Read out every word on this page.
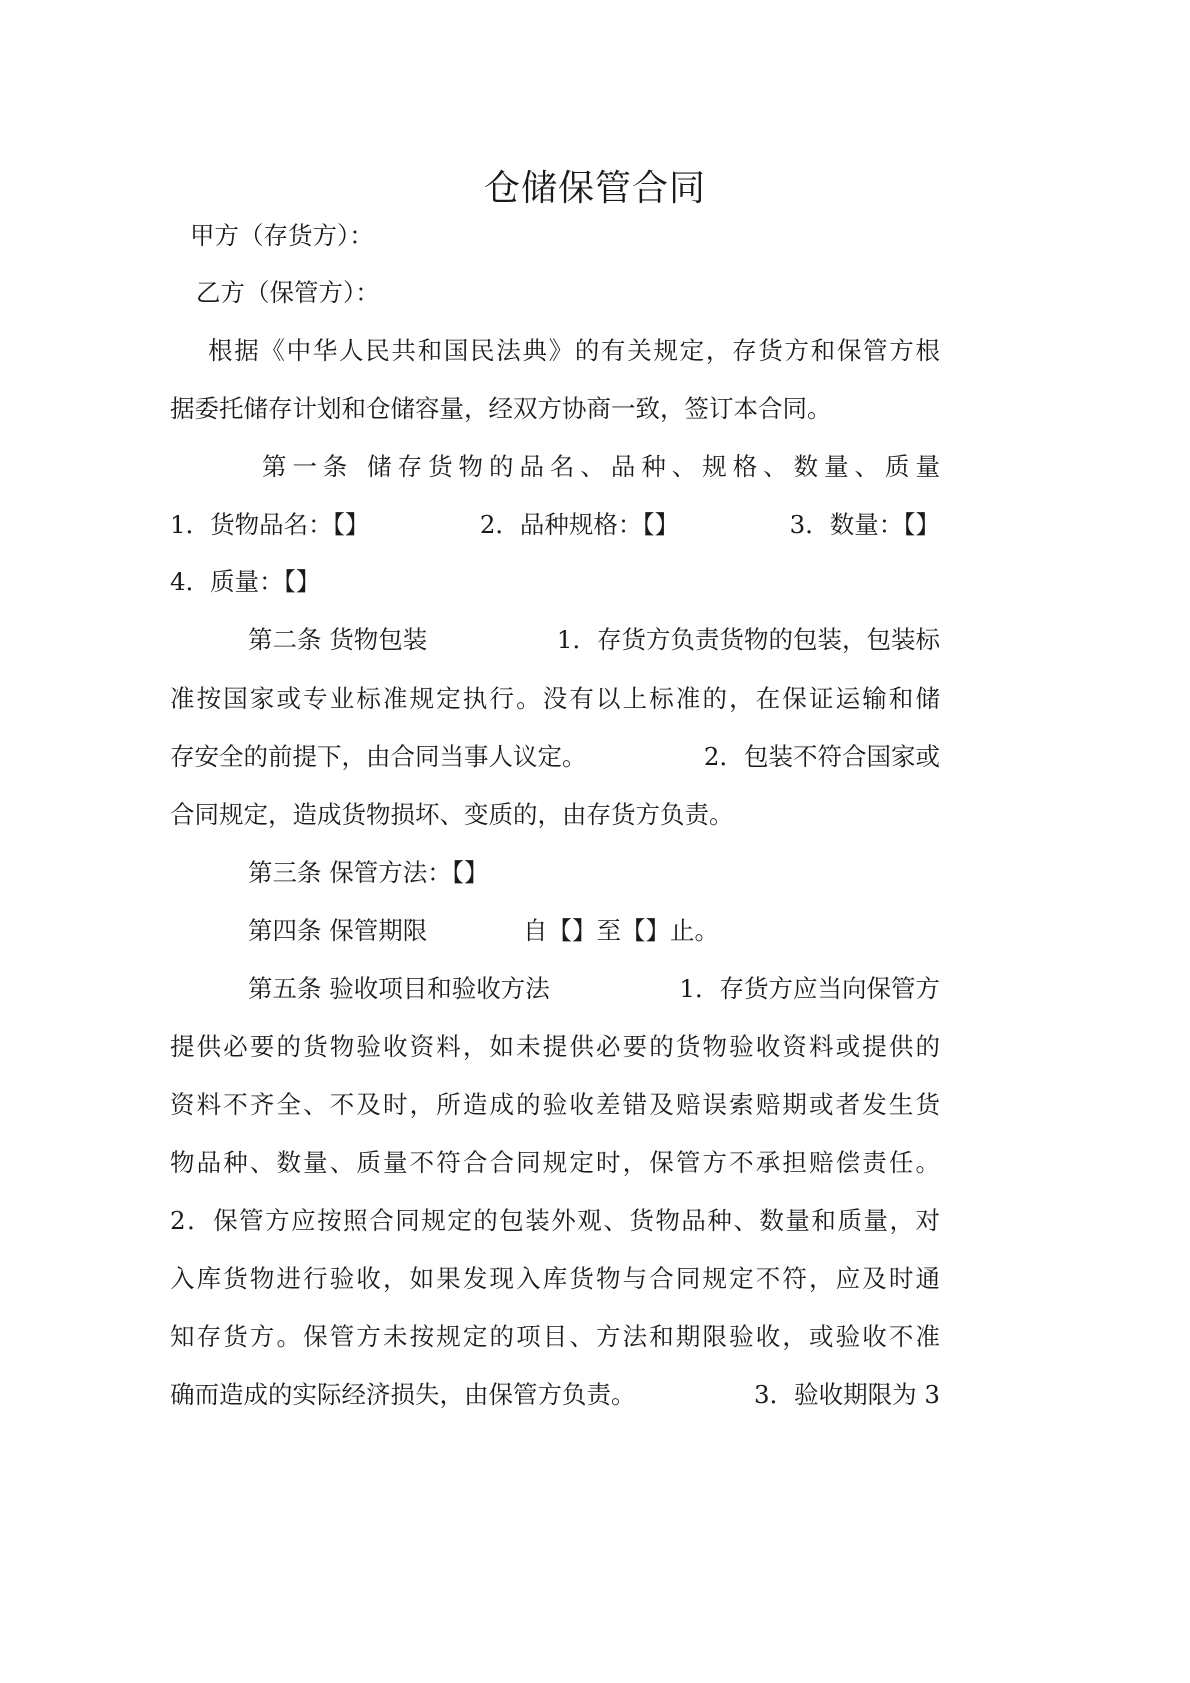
仓储保管合同
甲方（存货方）：
乙方（保管方）：
根据《中华人民共和国民法典》的有关规定，存货方和保管方根
据委托储存计划和仓储容量，经双方协商一致，签订本合同。
第一条 储存货物的品名、品种、规格、数量、质量
1．货物品名：【】	2．品种规格：【】	3．数量：【】
4．质量：【】
第二条 货物包装	1．存货方负责货物的包装，包装标
准按国家或专业标准规定执行。没有以上标准的，在保证运输和储
存安全的前提下，由合同当事人议定。	2．包装不符合国家或
合同规定，造成货物损坏、变质的，由存货方负责。
第三条 保管方法：【】
第四条 保管期限	自【】至【】止。
第五条 验收项目和验收方法	1．存货方应当向保管方
提供必要的货物验收资料，如未提供必要的货物验收资料或提供的
资料不齐全、不及时，所造成的验收差错及赔误索赔期或者发生货
物品种、数量、质量不符合合同规定时，保管方不承担赔偿责任。
2．保管方应按照合同规定的包装外观、货物品种、数量和质量，对
入库货物进行验收，如果发现入库货物与合同规定不符，应及时通
知存货方。保管方未按规定的项目、方法和期限验收，或验收不准
确而造成的实际经济损失，由保管方负责。	3．验收期限为 3
